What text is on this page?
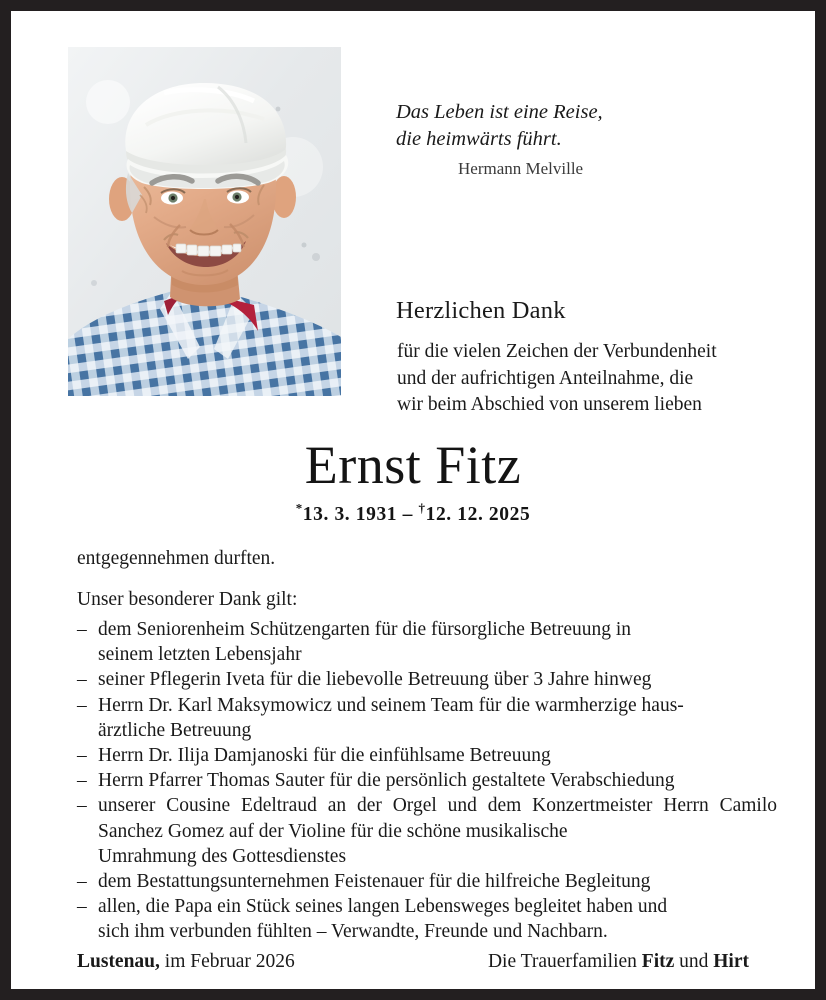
Das Leben ist eine Reise,
die heimwärts führt.
Hermann Melville
Herzlichen Dank
für die vielen Zeichen der Verbundenheit
und der aufrichtigen Anteilnahme, die
wir beim Abschied von unserem lieben
Ernst Fitz
*13. 3. 1931 – †12. 12. 2025
entgegennehmen durften.
Unser besonderer Dank gilt:
– dem Seniorenheim Schützengarten für die fürsorgliche Betreuung in
seinem letzten Lebensjahr
– seiner Pflegerin Iveta für die liebevolle Betreuung über 3 Jahre hinweg
– Herrn Dr. Karl Maksymowicz und seinem Team für die warmherzige haus-
ärztliche Betreuung
– Herrn Dr. Ilija Damjanoski für die einfühlsame Betreuung
– Herrn Pfarrer Thomas Sauter für die persönlich gestaltete Verabschiedung
– unserer Cousine Edeltraud an der Orgel und dem Konzertmeister Herrn Camilo Sanchez Gomez auf der Violine für die schöne musikalische
Umrahmung des Gottesdienstes
– dem Bestattungsunternehmen Feistenauer für die hilfreiche Begleitung
– allen, die Papa ein Stück seines langen Lebensweges begleitet haben und
sich ihm verbunden fühlten – Verwandte, Freunde und Nachbarn.
Lustenau, im Februar 2026	Die Trauerfamilien Fitz und Hirt
